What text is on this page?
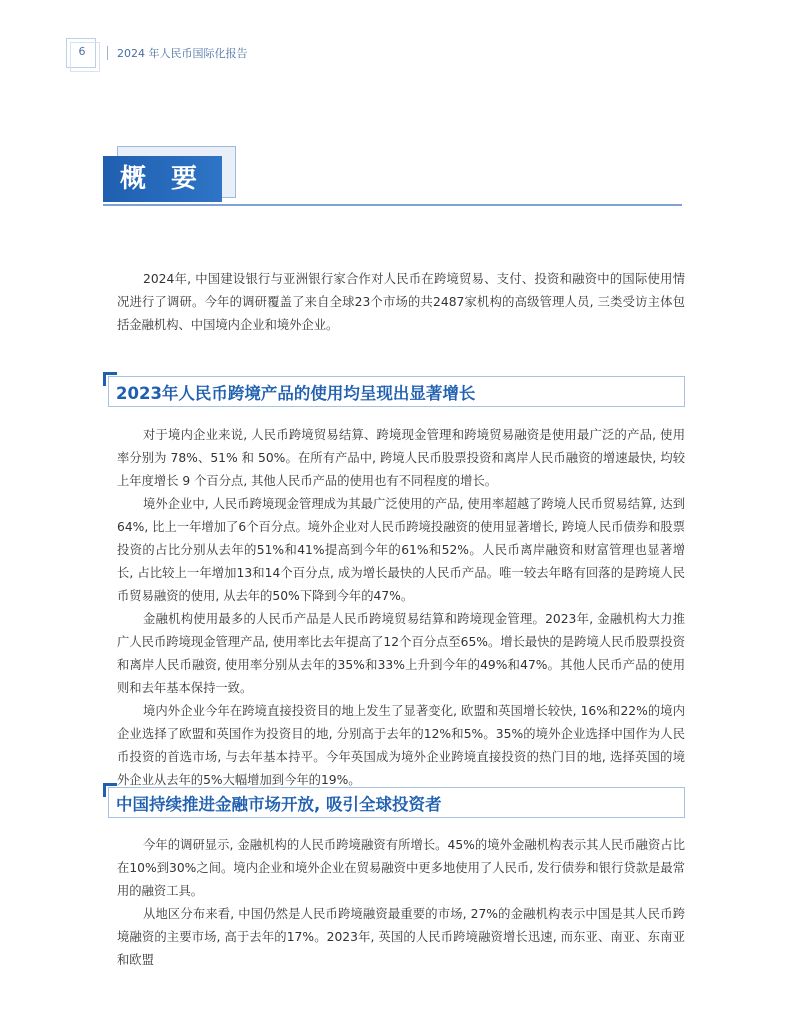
6	2024 年人民币国际化报告
概 要

2024年, 中国建设银行与亚洲银行家合作对人民币在跨境贸易、支付、投资和融资中的国际使用情况进行了调研。今年的调研覆盖了来自全球23个市场的共2487家机构的高级管理人员, 三类受访主体包括金融机构、中国境内企业和境外企业。

2023年人民币跨境产品的使用均呈现出显著增长

对于境内企业来说, 人民币跨境贸易结算、跨境现金管理和跨境贸易融资是使用最广泛的产品, 使用率分别为 78%、51% 和 50%。在所有产品中, 跨境人民币股票投资和离岸人民币融资的增速最快, 均较上年度增长 9 个百分点, 其他人民币产品的使用也有不同程度的增长。

境外企业中, 人民币跨境现金管理成为其最广泛使用的产品, 使用率超越了跨境人民币贸易结算, 达到64%, 比上一年增加了6个百分点。境外企业对人民币跨境投融资的使用显著增长, 跨境人民币债券和股票投资的占比分别从去年的51%和41%提高到今年的61%和52%。人民币离岸融资和财富管理也显著增长, 占比较上一年增加13和14个百分点, 成为增长最快的人民币产品。唯一较去年略有回落的是跨境人民币贸易融资的使用, 从去年的50%下降到今年的47%。

金融机构使用最多的人民币产品是人民币跨境贸易结算和跨境现金管理。2023年, 金融机构大力推广人民币跨境现金管理产品, 使用率比去年提高了12个百分点至65%。增长最快的是跨境人民币股票投资和离岸人民币融资, 使用率分别从去年的35%和33%上升到今年的49%和47%。其他人民币产品的使用则和去年基本保持一致。

境内外企业今年在跨境直接投资目的地上发生了显著变化, 欧盟和英国增长较快, 16%和22%的境内企业选择了欧盟和英国作为投资目的地, 分别高于去年的12%和5%。35%的境外企业选择中国作为人民币投资的首选市场, 与去年基本持平。今年英国成为境外企业跨境直接投资的热门目的地, 选择英国的境外企业从去年的5%大幅增加到今年的19%。

中国持续推进金融市场开放, 吸引全球投资者

今年的调研显示, 金融机构的人民币跨境融资有所增长。45%的境外金融机构表示其人民币融资占比在10%到30%之间。境内企业和境外企业在贸易融资中更多地使用了人民币, 发行债券和银行贷款是最常用的融资工具。

从地区分布来看, 中国仍然是人民币跨境融资最重要的市场, 27%的金融机构表示中国是其人民币跨境融资的主要市场, 高于去年的17%。2023年, 英国的人民币跨境融资增长迅速, 而东亚、南亚、东南亚和欧盟
